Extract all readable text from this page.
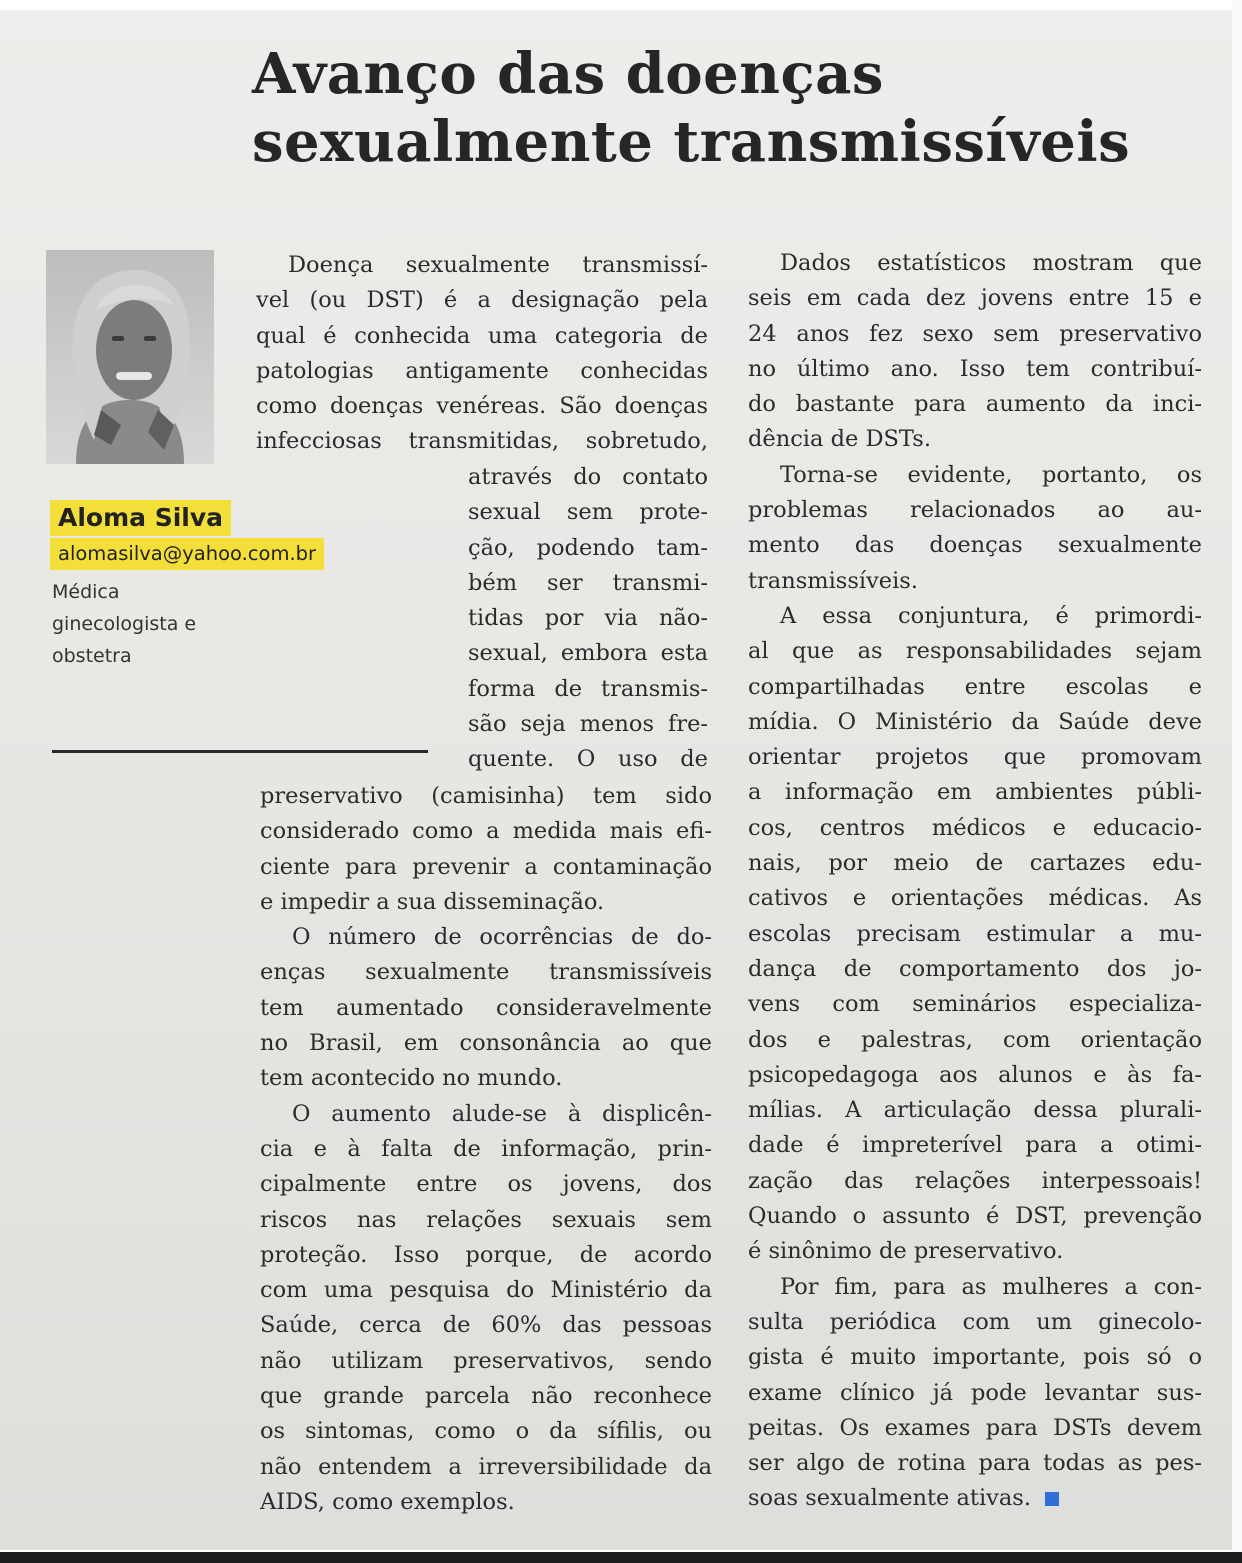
Avanço das doenças
sexualmente transmissíveis
Aloma Silva
alomasilva@yahoo.com.br
Médica
ginecologista e
obstetra
Doença sexualmente transmissí-
vel (ou DST) é a designação pela
qual é conhecida uma categoria de
patologias antigamente conhecidas
como doenças venéreas. São doenças
infecciosas transmitidas, sobretudo,
através do contato
sexual sem prote-
ção, podendo tam-
bém ser transmi-
tidas por via não-
sexual, embora esta
forma de transmis-
são seja menos fre-
quente. O uso de
preservativo (camisinha) tem sido
considerado como a medida mais efi-
ciente para prevenir a contaminação
e impedir a sua disseminação.
O número de ocorrências de do-
enças sexualmente transmissíveis
tem aumentado consideravelmente
no Brasil, em consonância ao que
tem acontecido no mundo.
O aumento alude-se à displicên-
cia e à falta de informação, prin-
cipalmente entre os jovens, dos
riscos nas relações sexuais sem
proteção. Isso porque, de acordo
com uma pesquisa do Ministério da
Saúde, cerca de 60% das pessoas
não utilizam preservativos, sendo
que grande parcela não reconhece
os sintomas, como o da sífilis, ou
não entendem a irreversibilidade da
AIDS, como exemplos.
Dados estatísticos mostram que
seis em cada dez jovens entre 15 e
24 anos fez sexo sem preservativo
no último ano. Isso tem contribuí-
do bastante para aumento da inci-
dência de DSTs.
Torna-se evidente, portanto, os
problemas relacionados ao au-
mento das doenças sexualmente
transmissíveis.
A essa conjuntura, é primordi-
al que as responsabilidades sejam
compartilhadas entre escolas e
mídia. O Ministério da Saúde deve
orientar projetos que promovam
a informação em ambientes públi-
cos, centros médicos e educacio-
nais, por meio de cartazes edu-
cativos e orientações médicas. As
escolas precisam estimular a mu-
dança de comportamento dos jo-
vens com seminários especializa-
dos e palestras, com orientação
psicopedagoga aos alunos e às fa-
mílias. A articulação dessa plurali-
dade é impreterível para a otimi-
zação das relações interpessoais!
Quando o assunto é DST, prevenção
é sinônimo de preservativo.
Por fim, para as mulheres a con-
sulta periódica com um ginecolo-
gista é muito importante, pois só o
exame clínico já pode levantar sus-
peitas. Os exames para DSTs devem
ser algo de rotina para todas as pes-
soas sexualmente ativas.
